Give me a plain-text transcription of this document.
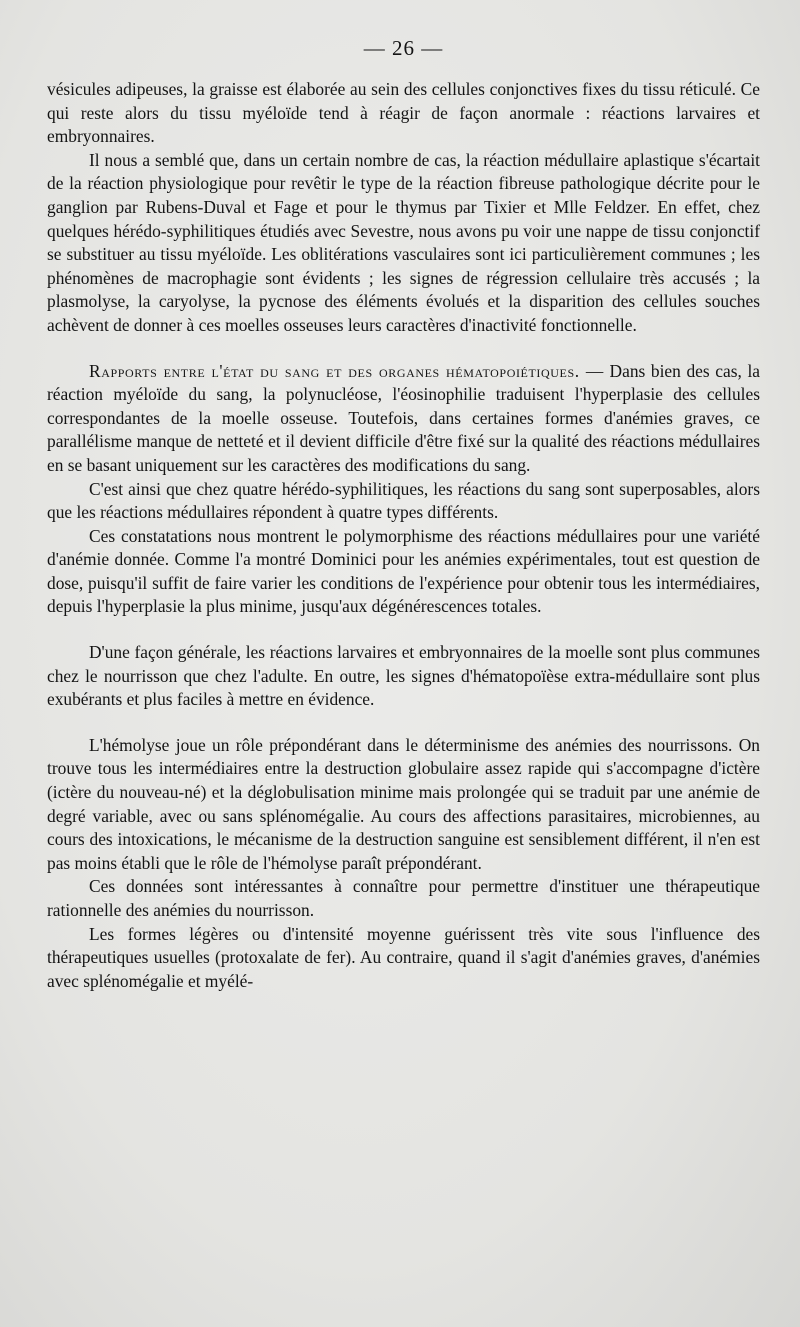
— 26 —

vésicules adipeuses, la graisse est élaborée au sein des cellules conjonctives fixes du tissu réticulé. Ce qui reste alors du tissu myéloïde tend à réagir de façon anormale : réactions larvaires et embryonnaires.

Il nous a semblé que, dans un certain nombre de cas, la réaction médullaire aplastique s'écartait de la réaction physiologique pour revêtir le type de la réaction fibreuse pathologique décrite pour le ganglion par Rubens-Duval et Fage et pour le thymus par Tixier et Mlle Feldzer. En effet, chez quelques hérédo-syphilitiques étudiés avec Sevestre, nous avons pu voir une nappe de tissu conjonctif se substituer au tissu myéloïde. Les oblitérations vasculaires sont ici particulièrement communes ; les phénomènes de macrophagie sont évidents ; les signes de régression cellulaire très accusés ; la plasmolyse, la caryolyse, la pycnose des éléments évolués et la disparition des cellules souches achèvent de donner à ces moelles osseuses leurs caractères d'inactivité fonctionnelle.

Rapports entre l'état du sang et des organes hématopoiétiques. — Dans bien des cas, la réaction myéloïde du sang, la polynucléose, l'éosinophilie traduisent l'hyperplasie des cellules correspondantes de la moelle osseuse. Toutefois, dans certaines formes d'anémies graves, ce parallélisme manque de netteté et il devient difficile d'être fixé sur la qualité des réactions médullaires en se basant uniquement sur les caractères des modifications du sang.

C'est ainsi que chez quatre hérédo-syphilitiques, les réactions du sang sont superposables, alors que les réactions médullaires répondent à quatre types différents.

Ces constatations nous montrent le polymorphisme des réactions médullaires pour une variété d'anémie donnée. Comme l'a montré Dominici pour les anémies expérimentales, tout est question de dose, puisqu'il suffit de faire varier les conditions de l'expérience pour obtenir tous les intermédiaires, depuis l'hyperplasie la plus minime, jusqu'aux dégénérescences totales.

D'une façon générale, les réactions larvaires et embryonnaires de la moelle sont plus communes chez le nourrisson que chez l'adulte. En outre, les signes d'hématopoïèse extra-médullaire sont plus exubérants et plus faciles à mettre en évidence.

L'hémolyse joue un rôle prépondérant dans le déterminisme des anémies des nourrissons. On trouve tous les intermédiaires entre la destruction globulaire assez rapide qui s'accompagne d'ictère (ictère du nouveau-né) et la déglobulisation minime mais prolongée qui se traduit par une anémie de degré variable, avec ou sans splénomégalie. Au cours des affections parasitaires, microbiennes, au cours des intoxications, le mécanisme de la destruction sanguine est sensiblement différent, il n'en est pas moins établi que le rôle de l'hémolyse paraît prépondérant.

Ces données sont intéressantes à connaître pour permettre d'instituer une thérapeutique rationnelle des anémies du nourrisson.

Les formes légères ou d'intensité moyenne guérissent très vite sous l'influence des thérapeutiques usuelles (protoxalate de fer). Au contraire, quand il s'agit d'anémies graves, d'anémies avec splénomégalie et myélé-
